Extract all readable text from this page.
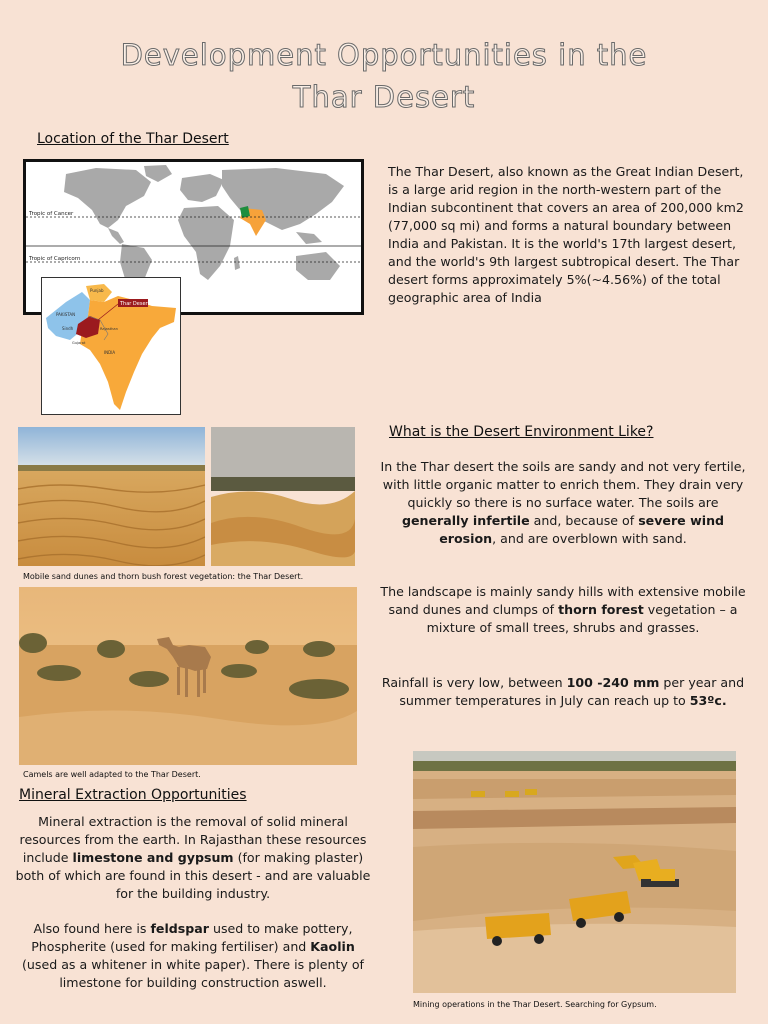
Development Opportunities in the
Thar Desert
Location of the Thar Desert
Tropic of Cancer
Tropic of Capricorn
Thar Desert
Punjab
PAKISTAN
Sindh	Rajasthan
Gujarat
INDIA
The Thar Desert, also known as the Great Indian Desert, is a large arid region in the north-western part of the Indian subcontinent that covers an area of 200,000 km2 (77,000 sq mi) and forms a natural boundary between India and Pakistan. It is the world's 17th largest desert, and the world's 9th largest subtropical desert. The Thar desert forms approximately 5%(~4.56%) of the total geographic area of India
Mobile sand dunes and thorn bush forest vegetation: the Thar Desert.
Camels are well adapted to the Thar Desert.
What is the Desert Environment Like?
In the Thar desert the soils are sandy and not very fertile, with little organic matter to enrich them. They drain very quickly so there is no surface water. The soils are generally infertile and, because of severe wind erosion, and are overblown with sand.
The landscape is mainly sandy hills with extensive mobile sand dunes and clumps of thorn forest vegetation – a mixture of small trees, shrubs and grasses.
Rainfall is very low, between 100 -240 mm per year and summer temperatures in July can reach up to 53ºc.
Mining operations in the Thar Desert. Searching for Gypsum.
Mineral Extraction Opportunities
Mineral extraction is the removal of solid mineral resources from the earth. In Rajasthan these resources include limestone and gypsum (for making plaster) both of which are found in this desert - and are valuable for the building industry.
Also found here is feldspar used to make pottery, Phospherite (used for making fertiliser) and Kaolin (used as a whitener in white paper). There is plenty of limestone for building construction aswell.
